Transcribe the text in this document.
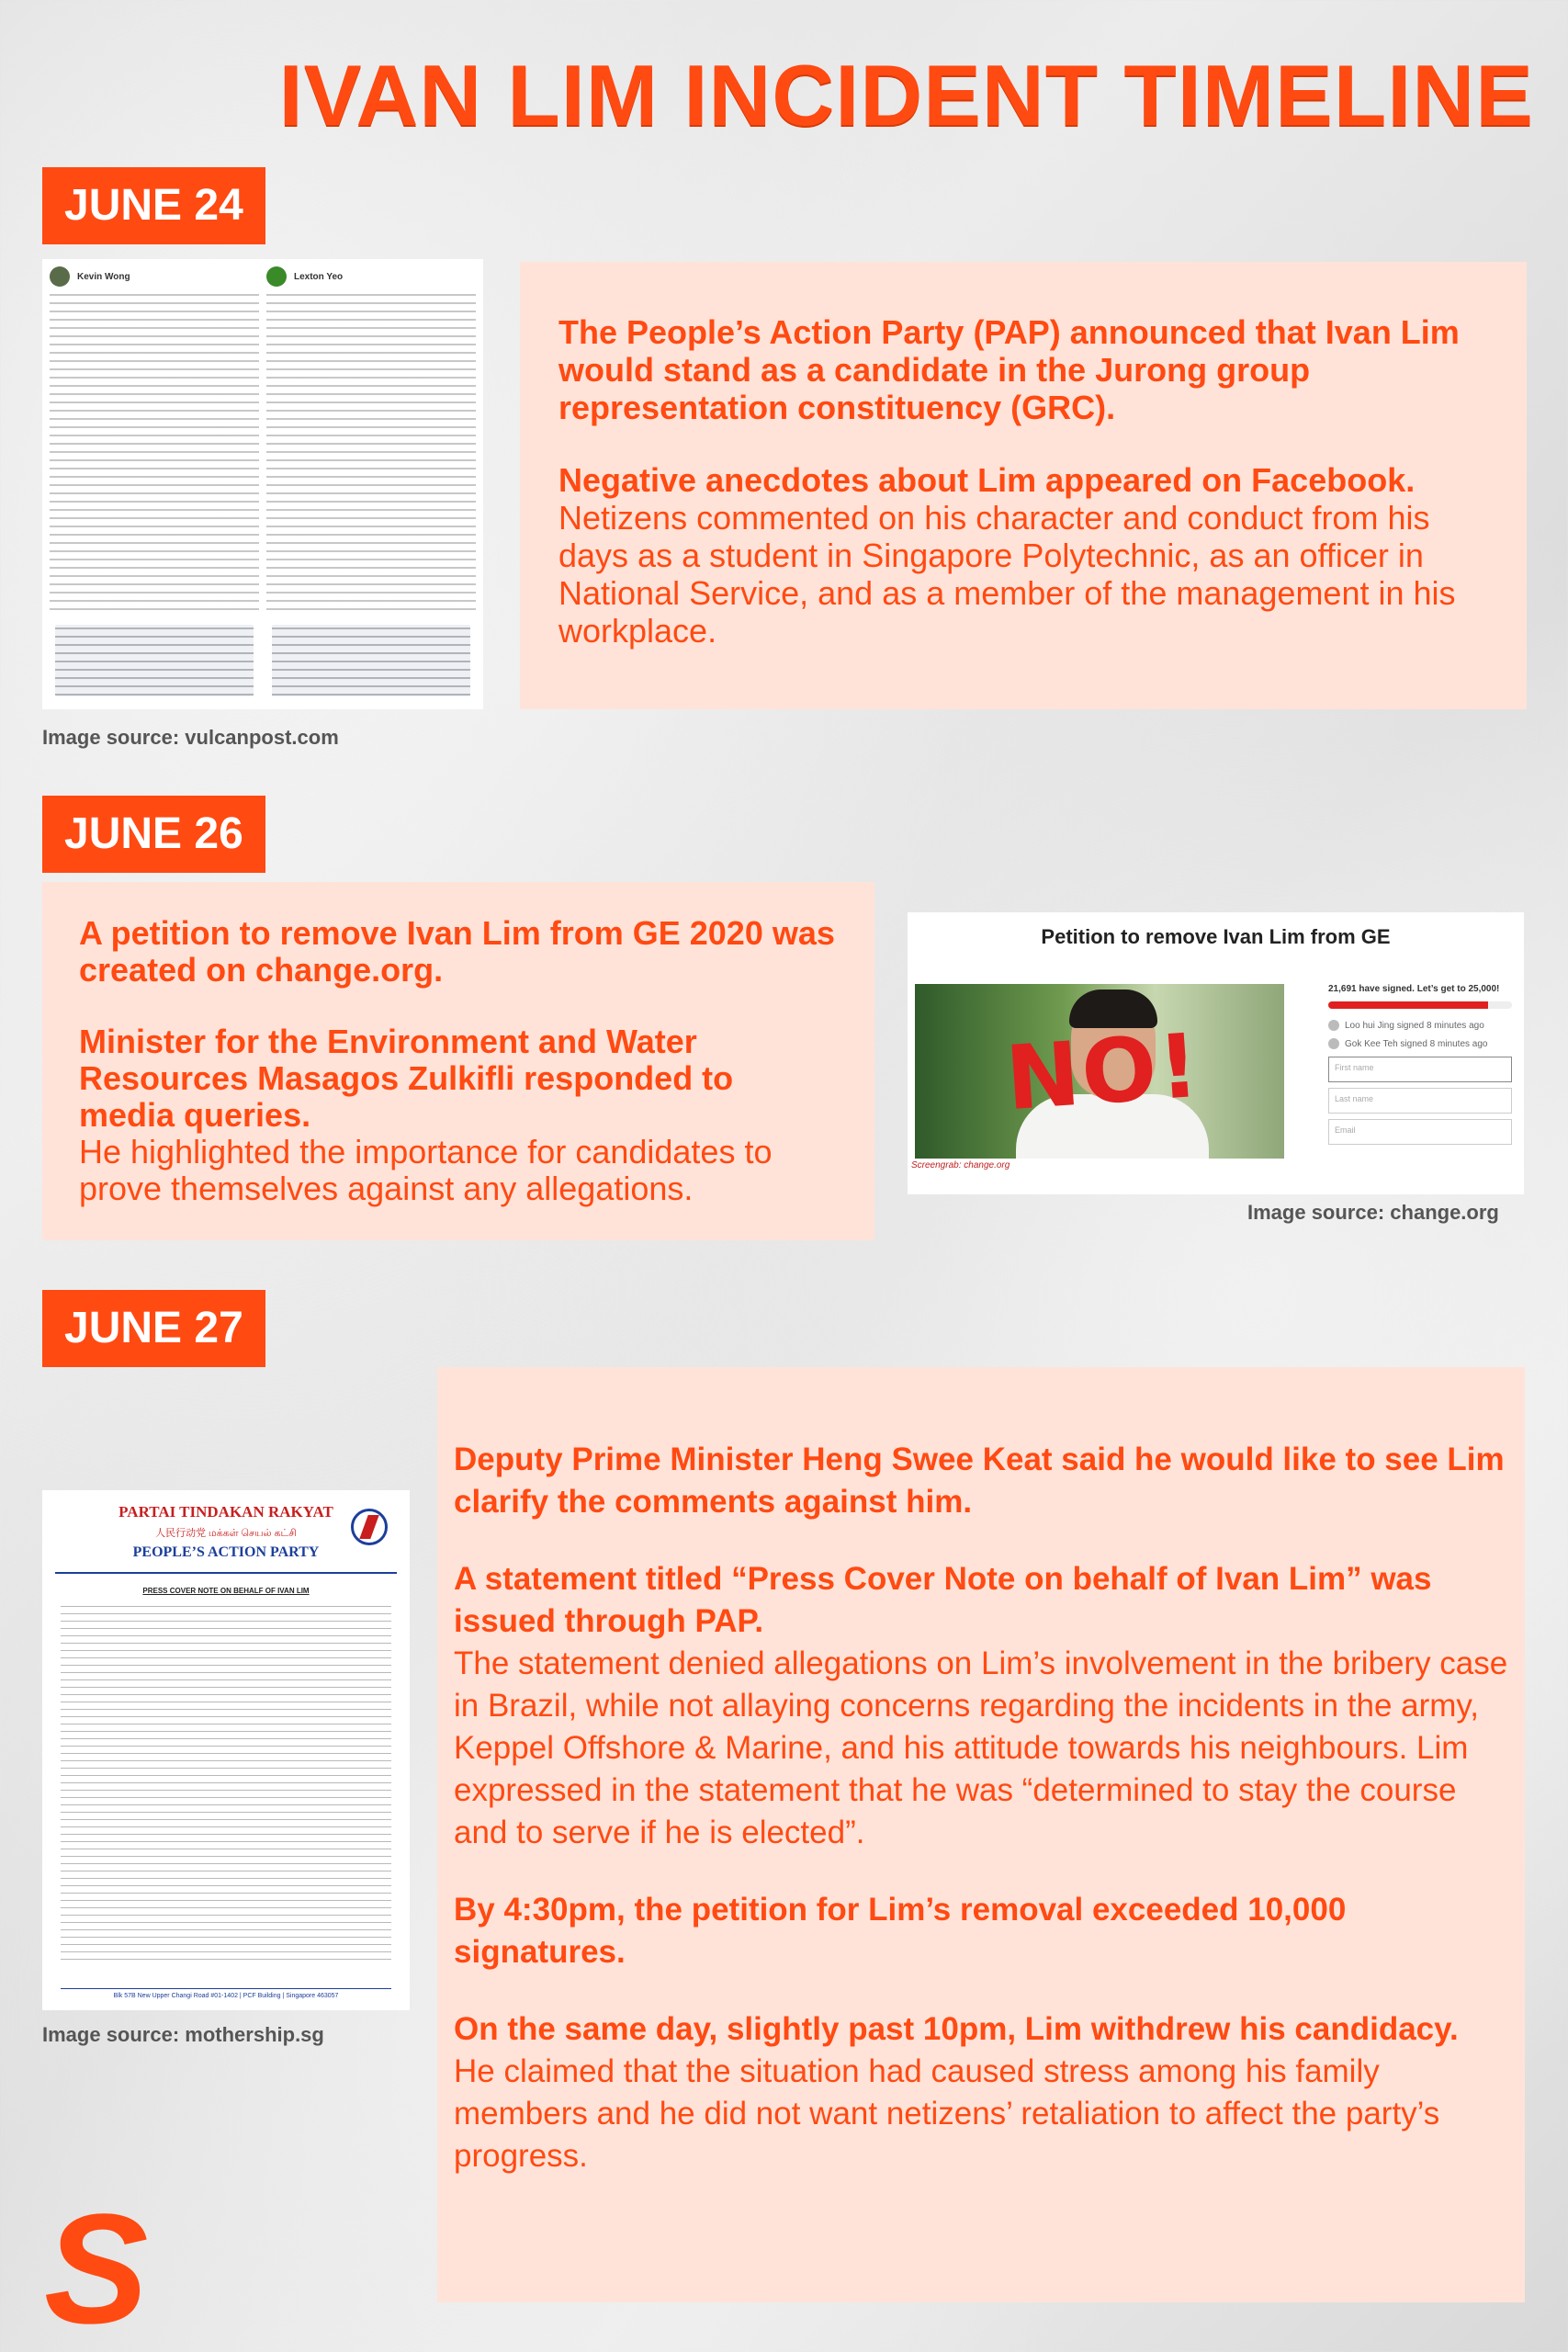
IVAN LIM INCIDENT TIMELINE
JUNE 24
Kevin Wong	Lexton Yeo
Image source: vulcanpost.com

The People’s Action Party (PAP) announced that Ivan Lim would stand as a candidate in the Jurong group representation constituency (GRC).

Negative anecdotes about Lim appeared on Facebook.
Netizens commented on his character and conduct from his days as a student in Singapore Polytechnic, as an officer in National Service, and as a member of the management in his workplace.

JUNE 26

A petition to remove Ivan Lim from GE 2020 was created on change.org.

Minister for the Environment and Water Resources Masagos Zulkifli responded to media queries.
He highlighted the importance for candidates to prove themselves against any allegations.

Petition to remove Ivan Lim from GE
NO!
Screengrab: change.org
21,691 have signed. Let’s get to 25,000!
Loo hui Jing signed 8 minutes ago
Gok Kee Teh signed 8 minutes ago
First name
Last name
Email
Image source: change.org
JUNE 27
PARTAI TINDAKAN RAKYAT
人民行动党 மக்கள் செயல் கட்சி
PEOPLE’S ACTION PARTY
PRESS COVER NOTE ON BEHALF OF IVAN LIM
Blk 57B New Upper Changi Road #01-1402 | PCF Building | Singapore 463057
Image source: mothership.sg

Deputy Prime Minister Heng Swee Keat said he would like to see Lim clarify the comments against him.

A statement titled “Press Cover Note on behalf of Ivan Lim” was issued through PAP.
The statement denied allegations on Lim’s involvement in the bribery case in Brazil, while not allaying concerns regarding the incidents in the army, Keppel Offshore & Marine, and his attitude towards his neighbours. Lim expressed in the statement that he was “determined to stay the course and to serve if he is elected”.

By 4:30pm, the petition for Lim’s removal exceeded 10,000 signatures.

On the same day, slightly past 10pm, Lim withdrew his candidacy.
He claimed that the situation had caused stress among his family members and he did not want netizens’ retaliation to affect the party’s progress.

S
